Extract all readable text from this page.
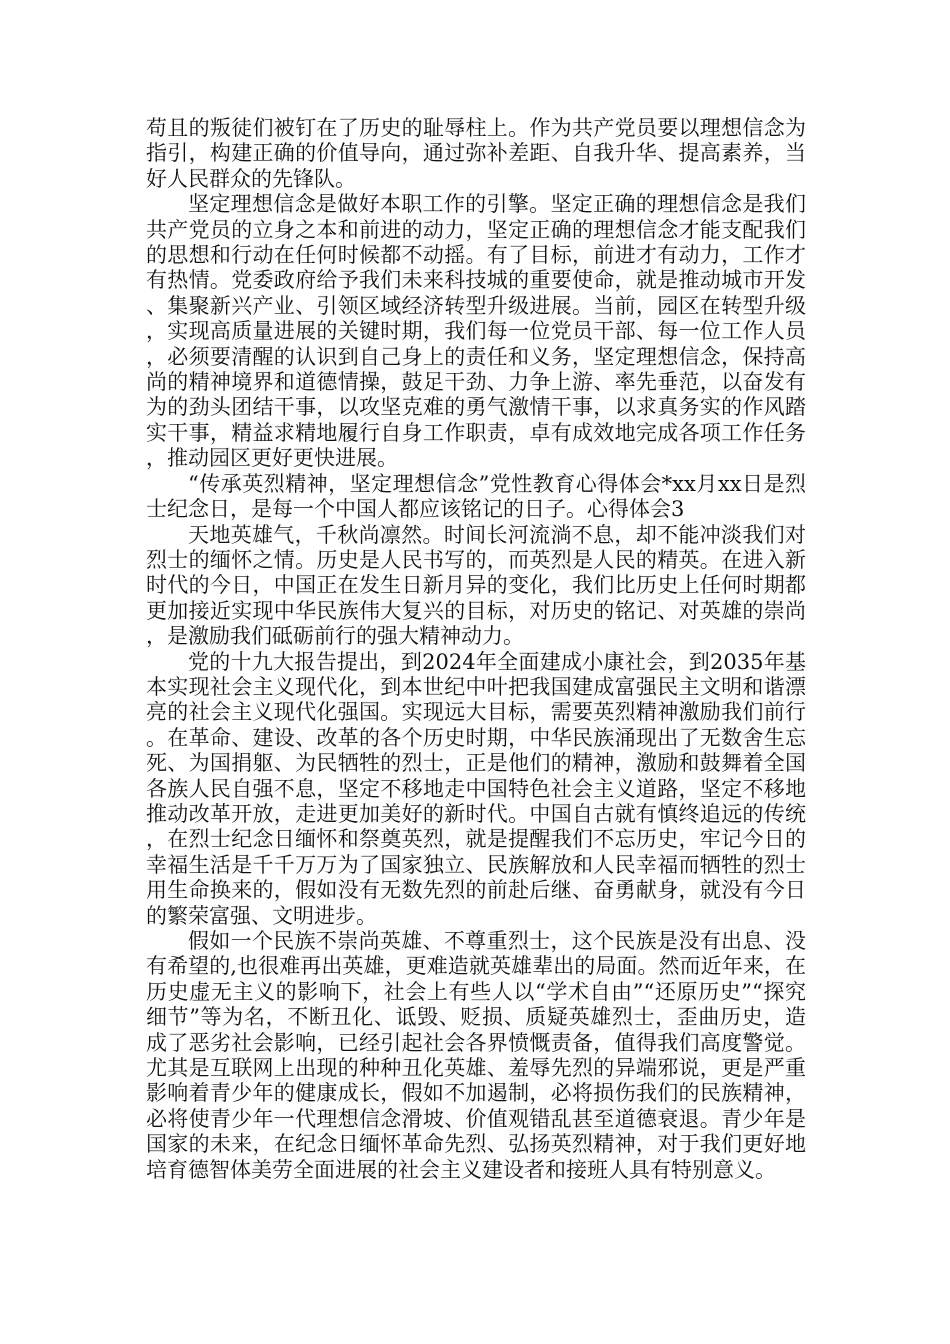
苟且的叛徒们被钉在了历史的耻辱柱上。作为共产党员要以理想信念为指引，构建正确的价值导向，通过弥补差距、自我升华、提高素养，当好人民群众的先锋队。

坚定理想信念是做好本职工作的引擎。坚定正确的理想信念是我们共产党员的立身之本和前进的动力，坚定正确的理想信念才能支配我们的思想和行动在任何时候都不动摇。有了目标，前进才有动力，工作才有热情。党委政府给予我们未来科技城的重要使命，就是推动城市开发、集聚新兴产业、引领区域经济转型升级进展。当前，园区在转型升级，实现高质量进展的关键时期，我们每一位党员干部、每一位工作人员，必须要清醒的认识到自己身上的责任和义务，坚定理想信念，保持高尚的精神境界和道德情操，鼓足干劲、力争上游、率先垂范，以奋发有为的劲头团结干事，以攻坚克难的勇气激情干事，以求真务实的作风踏实干事，精益求精地履行自身工作职责，卓有成效地完成各项工作任务，推动园区更好更快进展。

“传承英烈精神，坚定理想信念”党性教育心得体会*xx月xx日是烈士纪念日，是每一个中国人都应该铭记的日子。心得体会3

天地英雄气，千秋尚凛然。时间长河流淌不息，却不能冲淡我们对烈士的缅怀之情。历史是人民书写的，而英烈是人民的精英。在进入新时代的今日，中国正在发生日新月异的变化，我们比历史上任何时期都更加接近实现中华民族伟大复兴的目标，对历史的铭记、对英雄的崇尚，是激励我们砥砺前行的强大精神动力。

党的十九大报告提出，到2024年全面建成小康社会，到2035年基本实现社会主义现代化，到本世纪中叶把我国建成富强民主文明和谐漂亮的社会主义现代化强国。实现远大目标，需要英烈精神激励我们前行。在革命、建设、改革的各个历史时期，中华民族涌现出了无数舍生忘死、为国捐躯、为民牺牲的烈士，正是他们的精神，激励和鼓舞着全国各族人民自强不息，坚定不移地走中国特色社会主义道路，坚定不移地推动改革开放，走进更加美好的新时代。中国自古就有慎终追远的传统，在烈士纪念日缅怀和祭奠英烈，就是提醒我们不忘历史，牢记今日的幸福生活是千千万万为了国家独立、民族解放和人民幸福而牺牲的烈士用生命换来的，假如没有无数先烈的前赴后继、奋勇献身，就没有今日的繁荣富强、文明进步。

假如一个民族不崇尚英雄、不尊重烈士，这个民族是没有出息、没有希望的,也很难再出英雄，更难造就英雄辈出的局面。然而近年来，在历史虚无主义的影响下，社会上有些人以“学术自由”“还原历史”“探究细节”等为名，不断丑化、诋毁、贬损、质疑英雄烈士，歪曲历史，造成了恶劣社会影响，已经引起社会各界愤慨责备，值得我们高度警觉。尤其是互联网上出现的种种丑化英雄、羞辱先烈的异端邪说，更是严重影响着青少年的健康成长，假如不加遏制，必将损伤我们的民族精神，必将使青少年一代理想信念滑坡、价值观错乱甚至道德衰退。青少年是国家的未来，在纪念日缅怀革命先烈、弘扬英烈精神，对于我们更好地培育德智体美劳全面进展的社会主义建设者和接班人具有特别意义。
